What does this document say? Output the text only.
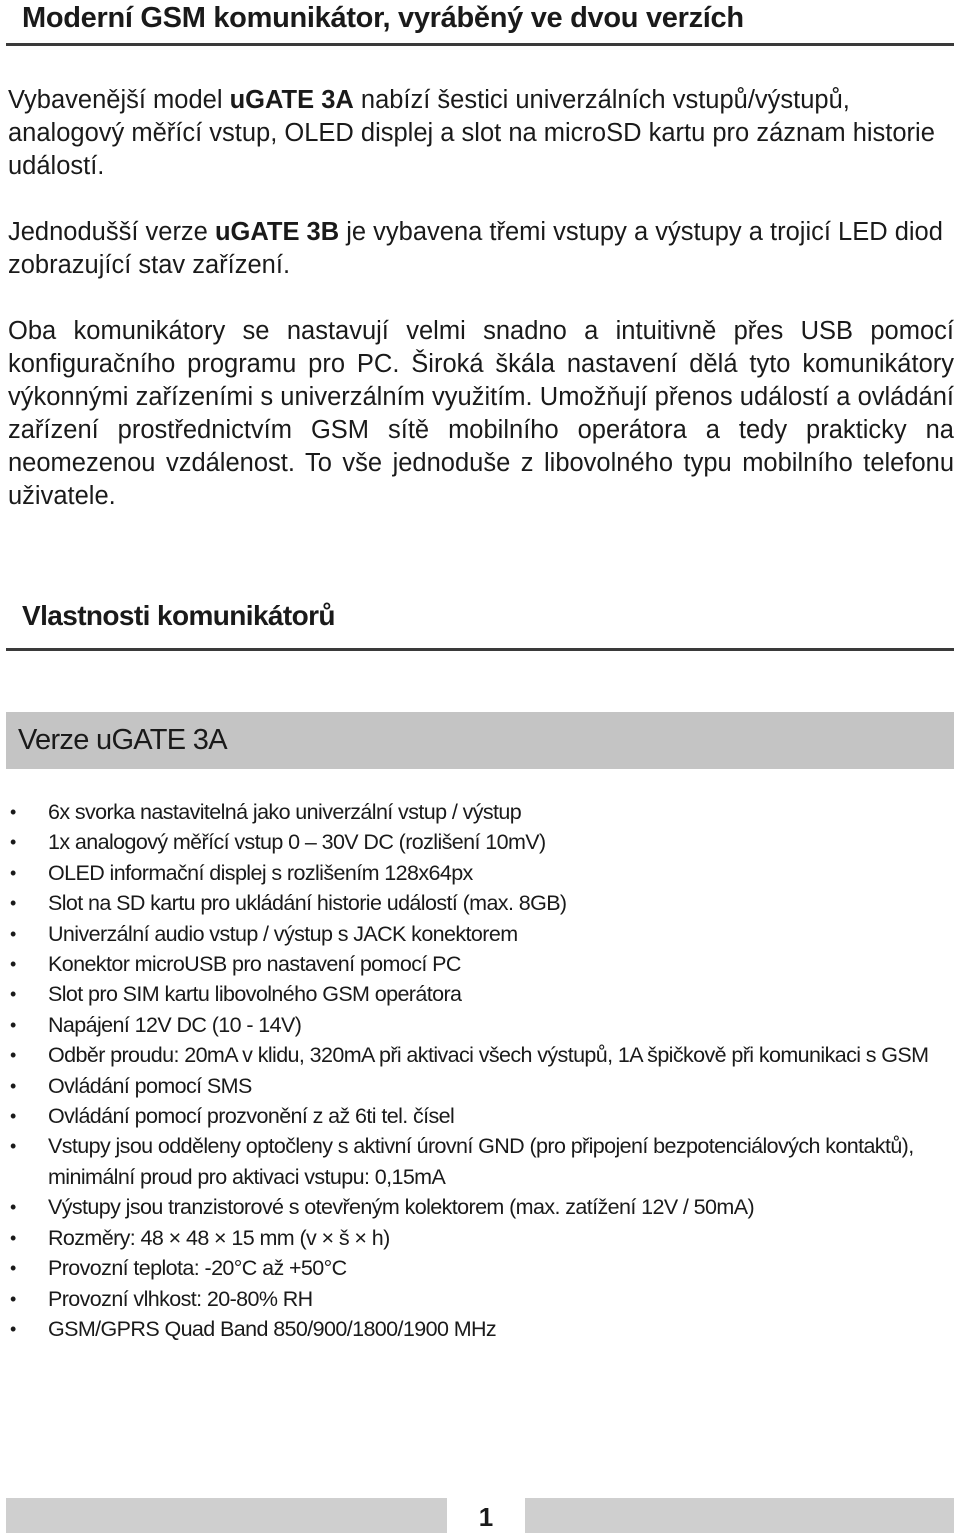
Moderní GSM komunikátor, vyráběný ve dvou verzích

Vybavenější model uGATE 3A nabízí šestici univerzálních vstupů/výstupů, analogový měřící vstup, OLED displej a slot na microSD kartu pro záznam historie událostí.

Jednodušší verze uGATE 3B je vybavena třemi vstupy a výstupy a trojicí LED diod zobrazující stav zařízení.

Oba komunikátory se nastavují velmi snadno a intuitivně přes USB pomocí konfiguračního programu pro PC. Široká škála nastavení dělá tyto komunikátory výkonnými zařízeními s univerzálním využitím. Umožňují přenos událostí a ovládání zařízení prostřednictvím GSM sítě mobilního operátora a tedy prakticky na neomezenou vzdálenost. To vše jednoduše z libovolného typu mobilního telefonu uživatele.

Vlastnosti komunikátorů
Verze uGATE 3A
• 6x svorka nastavitelná jako univerzální vstup / výstup
• 1x analogový měřící vstup 0 – 30V DC (rozlišení 10mV)
• OLED informační displej s rozlišením 128x64px
• Slot na SD kartu pro ukládání historie událostí (max. 8GB)
• Univerzální audio vstup / výstup s JACK konektorem
• Konektor microUSB pro nastavení pomocí PC
• Slot pro SIM kartu libovolného GSM operátora
• Napájení 12V DC (10 - 14V)
• Odběr proudu: 20mA v klidu, 320mA při aktivaci všech výstupů, 1A špičkově při komunikaci s GSM
• Ovládání pomocí SMS
• Ovládání pomocí prozvonění z až 6ti tel. čísel
• Vstupy jsou odděleny optočleny s aktivní úrovní GND (pro připojení bezpotenciálových kontaktů), minimální proud pro aktivaci vstupu: 0,15mA
• Výstupy jsou tranzistorové s otevřeným kolektorem (max. zatížení 12V / 50mA)
• Rozměry: 48 × 48 × 15 mm (v × š × h)
• Provozní teplota: -20°C až +50°C
• Provozní vlhkost: 20-80% RH
• GSM/GPRS Quad Band 850/900/1800/1900 MHz
1
